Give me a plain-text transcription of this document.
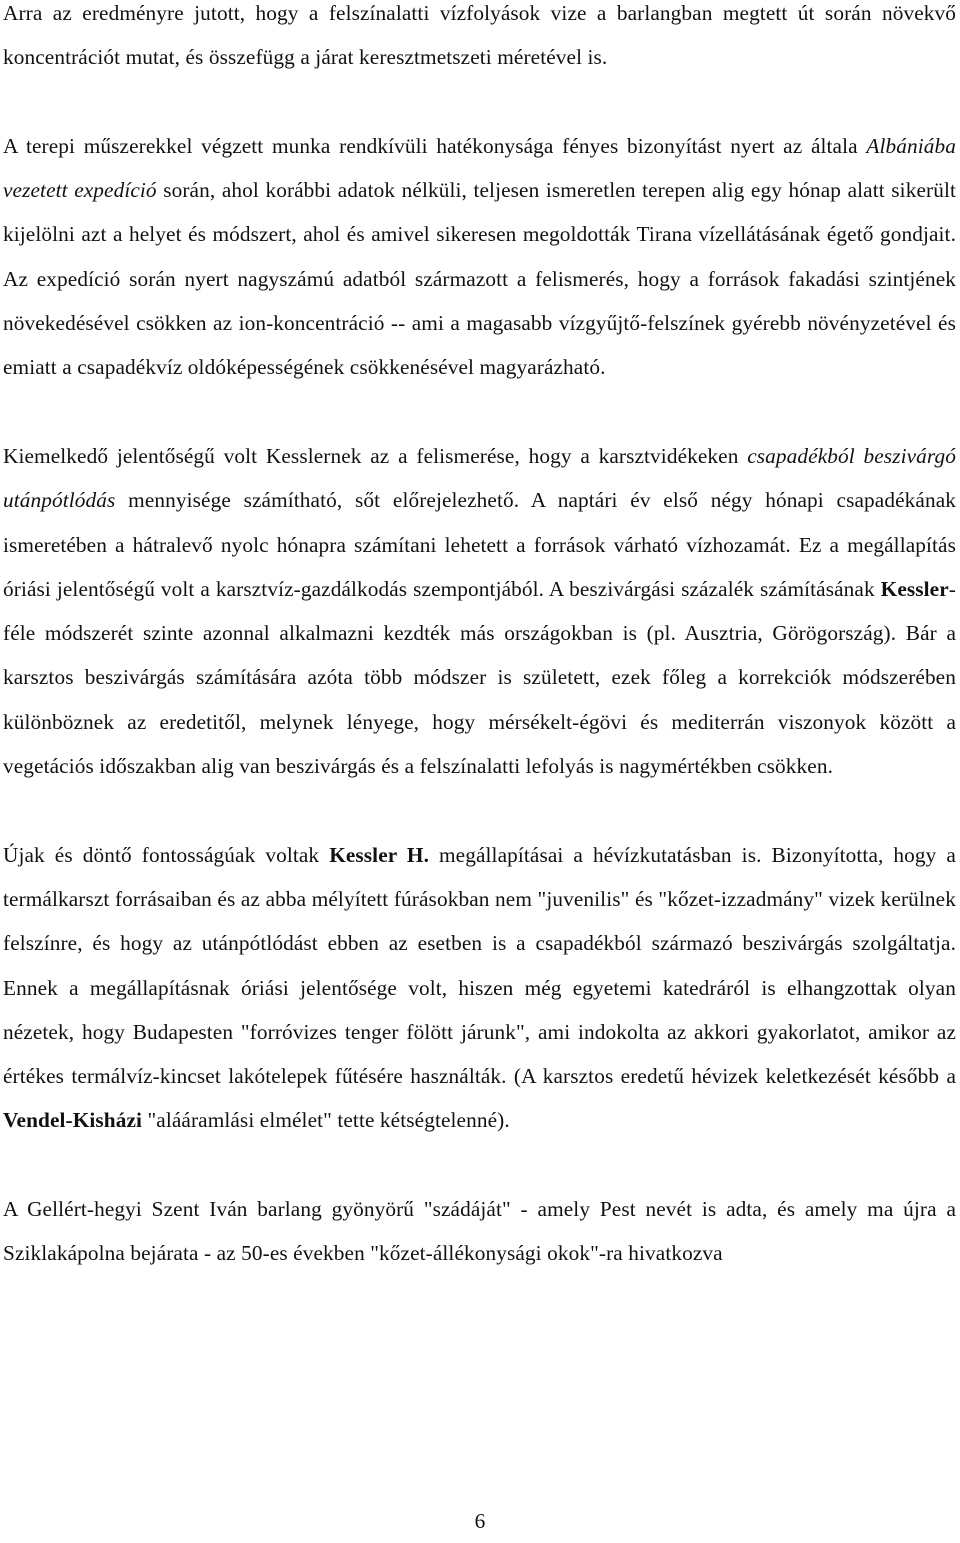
Arra az eredményre jutott, hogy a felszínalatti vízfolyások vize a barlangban megtett út során növekvő koncentrációt mutat, és összefügg a járat keresztmetszeti méretével is.

A terepi műszerekkel végzett munka rendkívüli hatékonysága fényes bizonyítást nyert az általa Albániába vezetett expedíció során, ahol korábbi adatok nélküli, teljesen ismeretlen terepen alig egy hónap alatt sikerült kijelölni azt a helyet és módszert, ahol és amivel sikeresen megoldották Tirana vízellátásának égető gondjait. Az expedíció során nyert nagyszámú adatból származott a felismerés, hogy a források fakadási szintjének növekedésével csökken az ion-koncentráció -- ami a magasabb vízgyűjtő-felszínek gyérebb növényzetével és emiatt a csapadékvíz oldóképességének csökkenésével magyarázható.

Kiemelkedő jelentőségű volt Kesslernek az a felismerése, hogy a karsztvidékeken csapadékból beszivárgó utánpótlódás mennyisége számítható, sőt előrejelezhető. A naptári év első négy hónapi csapadékának ismeretében a hátralevő nyolc hónapra számítani lehetett a források várható vízhozamát. Ez a megállapítás óriási jelentőségű volt a karsztvíz-gazdálkodás szempontjából. A beszivárgási százalék számításának Kessler-féle módszerét szinte azonnal alkalmazni kezdték más országokban is (pl. Ausztria, Görögország). Bár a karsztos beszivárgás számítására azóta több módszer is született, ezek főleg a korrekciók módszerében különböznek az eredetitől, melynek lényege, hogy mérsékelt-égövi és mediterrán viszonyok között a vegetációs időszakban alig van beszivárgás és a felszínalatti lefolyás is nagymértékben csökken.

Újak és döntő fontosságúak voltak Kessler H. megállapításai a hévízkutatásban is. Bizonyította, hogy a termálkarszt forrásaiban és az abba mélyített fúrásokban nem "juvenilis" és "kőzet-izzadmány" vizek kerülnek felszínre, és hogy az utánpótlódást ebben az esetben is a csapadékból származó beszivárgás szolgáltatja. Ennek a megállapításnak óriási jelentősége volt, hiszen még egyetemi katedráról is elhangzottak olyan nézetek, hogy Budapesten "forróvizes tenger fölött járunk", ami indokolta az akkori gyakorlatot, amikor az értékes termálvíz-kincset lakótelepek fűtésére használták. (A karsztos eredetű hévizek keletkezését később a Vendel-Kisházi "alááramlási elmélet" tette kétségtelenné).

A Gellért-hegyi Szent Iván barlang gyönyörű "szádáját" - amely Pest nevét is adta, és amely ma újra a Sziklakápolna bejárata - az 50-es években "kőzet-állékonysági okok"-ra hivatkozva

6
